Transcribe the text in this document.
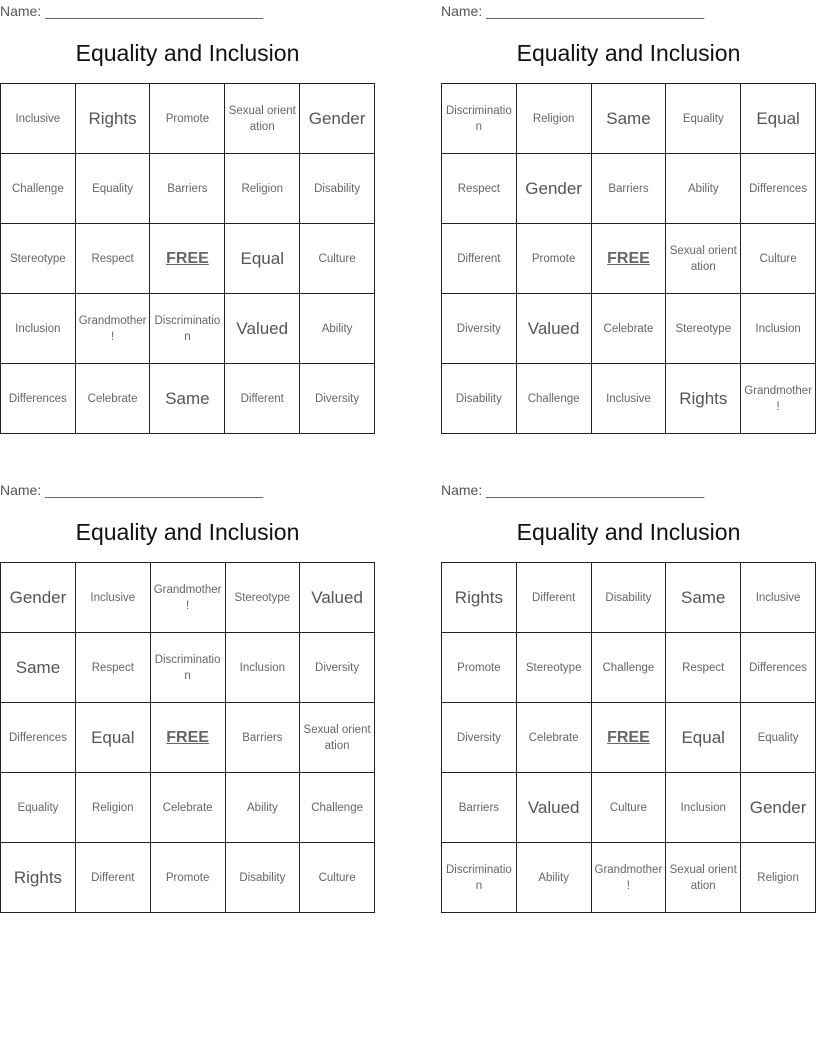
Name: ____________________________
Equality and Inclusion
Inclusive	Rights	Promote	Sexual orientation	Gender
Challenge	Equality	Barriers	Religion	Disability
Stereotype	Respect	FREE	Equal	Culture
Inclusion	Grandmother !	Discrimination	Valued	Ability
Differences	Celebrate	Same	Different	Diversity
Name: ____________________________
Equality and Inclusion
Discrimination	Religion	Same	Equality	Equal
Respect	Gender	Barriers	Ability	Differences
Different	Promote	FREE	Sexual orientation	Culture
Diversity	Valued	Celebrate	Stereotype	Inclusion
Disability	Challenge	Inclusive	Rights	Grandmother !
Name: ____________________________
Equality and Inclusion
Gender	Inclusive	Grandmother !	Stereotype	Valued
Same	Respect	Discrimination	Inclusion	Diversity
Differences	Equal	FREE	Barriers	Sexual orientation
Equality	Religion	Celebrate	Ability	Challenge
Rights	Different	Promote	Disability	Culture
Name: ____________________________
Equality and Inclusion
Rights	Different	Disability	Same	Inclusive
Promote	Stereotype	Challenge	Respect	Differences
Diversity	Celebrate	FREE	Equal	Equality
Barriers	Valued	Culture	Inclusion	Gender
Discrimination	Ability	Grandmother !	Sexual orientation	Religion
